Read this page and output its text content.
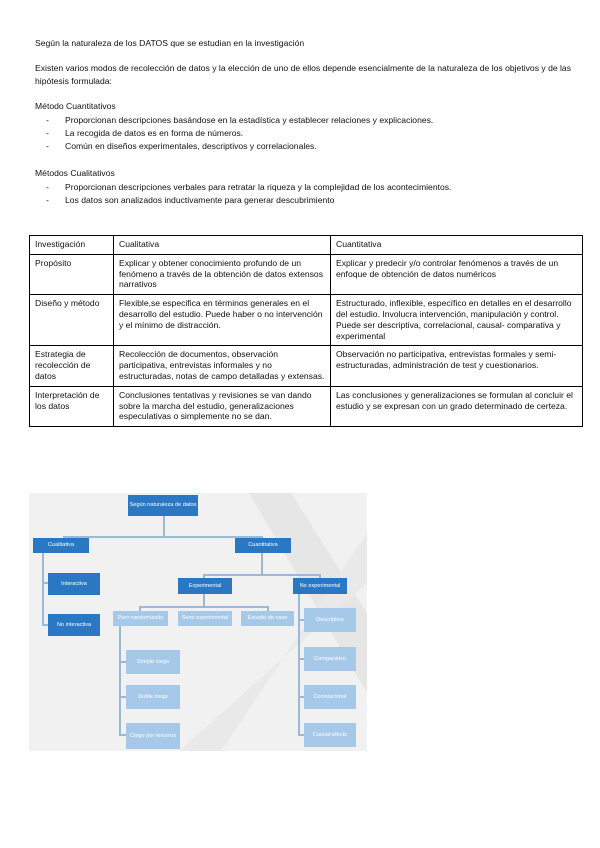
Según la naturaleza de los DATOS que se estudian en la investigación
Existen varios modos de recolección de datos y la elección de uno de ellos depende esencialmente de la naturaleza de los objetivos y de las hipótesis formulada:
Método Cuantitativos
- Proporcionan descripciones basándose en la estadística y establecer relaciones y explicaciones.
- La recogida de datos es en forma de números.
- Común en diseños experimentales, descriptivos y correlacionales.
Métodos Cualitativos
- Proporcionan descripciones verbales para retratar la riqueza y la complejidad de los acontecimientos.
- Los datos son analizados inductivamente para generar descubrimiento
Investigación	Cualitativa	Cuantitativa
Propósito	Explicar y obtener conocimiento profundo de un fenómeno a través de la obtención de datos extensos narrativos	Explicar y predecir y/o controlar fenómenos a través de un enfoque de obtención de datos numéricos
Diseño y método	Flexible,se especifica en términos generales en el desarrollo del estudio. Puede haber o no intervención y el mínimo de distracción.	Estructurado, inflexible, específico en detalles en el desarrollo del estudio. Involucra intervención, manipulación y control. Puede ser descriptiva, correlacional, causal- comparativa y experimental
Estrategia de recolección de datos	Recolección de documentos, observación participativa, entrevistas informales y no estructuradas, notas de campo detalladas y extensas.	Observación no participativa, entrevistas formales y semi-estructuradas, administración de test y cuestionarios.
Interpretación de los datos	Conclusiones tentativas y revisiones se van dando sobre la marcha del estudio, generalizaciones especulativas o simplemente no se dan.	Las conclusiones y generalizaciones se formulan al concluir el estudio y se expresan con un grado determinado de certeza.
Según naturaleza de datos
Cualitativa	Cuantitativa
Interactiva
No interactiva
Experimental	No experimental
Puro randomizado	Semi experimental	Estudio de caso
Simple ciego
Doble ciego
Ciego por terceros
Descriptivo
Comparativo
Correlacional
Causal-efecto
